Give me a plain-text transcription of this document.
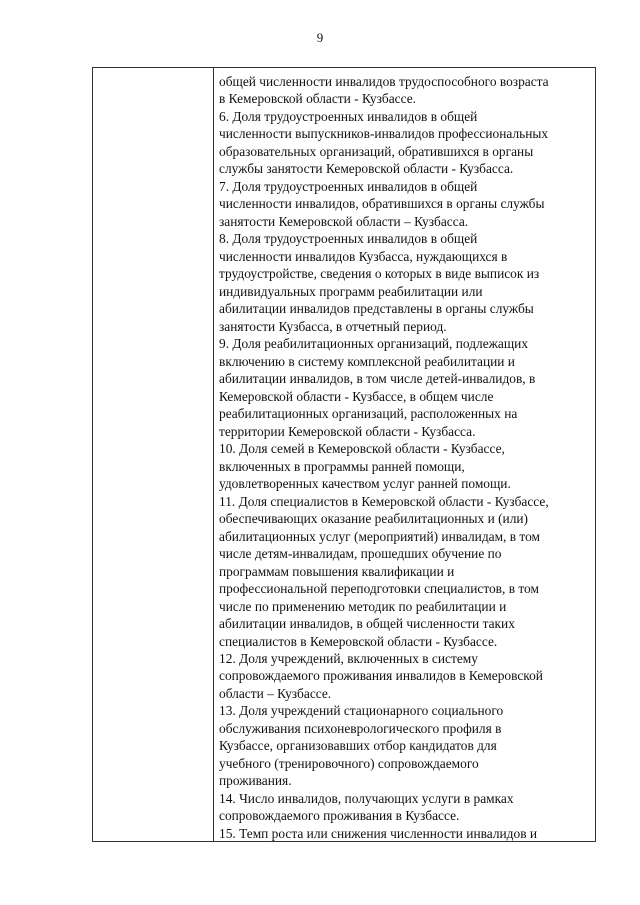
9
общей численности инвалидов трудоспособного возраста
в Кемеровской области - Кузбассе.
6. Доля трудоустроенных инвалидов в общей
численности выпускников-инвалидов профессиональных
образовательных организаций, обратившихся в органы
службы занятости Кемеровской области - Кузбасса.
7. Доля трудоустроенных инвалидов в общей
численности инвалидов, обратившихся в органы службы
занятости Кемеровской области – Кузбасса.
8. Доля трудоустроенных инвалидов в общей
численности инвалидов Кузбасса, нуждающихся в
трудоустройстве, сведения о которых в виде выписок из
индивидуальных программ реабилитации или
абилитации инвалидов представлены в органы службы
занятости Кузбасса, в отчетный период.
9. Доля реабилитационных организаций, подлежащих
включению в систему комплексной реабилитации и
абилитации инвалидов, в том числе детей-инвалидов, в
Кемеровской области - Кузбассе, в общем числе
реабилитационных организаций, расположенных на
территории Кемеровской области - Кузбасса.
10. Доля семей в Кемеровской области - Кузбассе,
включенных в программы ранней помощи,
удовлетворенных качеством услуг ранней помощи.
11. Доля специалистов в Кемеровской области - Кузбассе,
обеспечивающих оказание реабилитационных и (или)
абилитационных услуг (мероприятий) инвалидам, в том
числе детям-инвалидам, прошедших обучение по
программам повышения квалификации и
профессиональной переподготовки специалистов, в том
числе по применению методик по реабилитации и
абилитации инвалидов, в общей численности таких
специалистов в Кемеровской области - Кузбассе.
12. Доля учреждений, включенных в систему
сопровождаемого проживания инвалидов в Кемеровской
области – Кузбассе.
13. Доля учреждений стационарного социального
обслуживания психоневрологического профиля в
Кузбассе, организовавших отбор кандидатов для
учебного (тренировочного) сопровождаемого
проживания.
14. Число инвалидов, получающих услуги в рамках
сопровождаемого проживания в Кузбассе.
15. Темп роста или снижения численности инвалидов и
